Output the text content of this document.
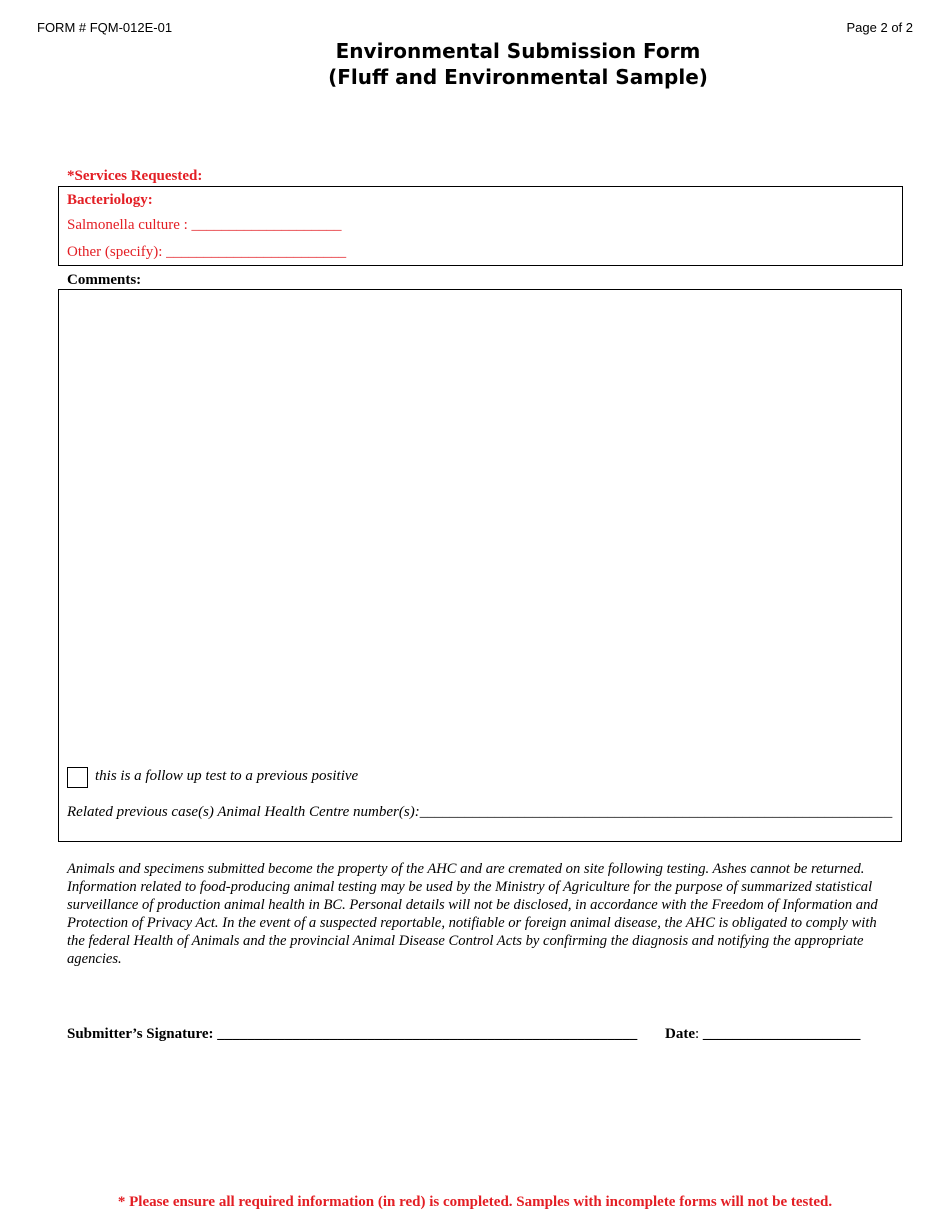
FORM # FQM-012E-01	Page 2 of 2
Environmental Submission Form
(Fluff and Environmental Sample)
*Services Requested:
Bacteriology:
Salmonella culture : ____________________
Other (specify): ________________________
Comments:
this is a follow up test to a previous positive
Related previous case(s) Animal Health Centre number(s):_______________________________________________________________
Animals and specimens submitted become the property of the AHC and are cremated on site following testing. Ashes cannot be returned. Information related to food-producing animal testing may be used by the Ministry of Agriculture for the purpose of summarized statistical surveillance of production animal health in BC. Personal details will not be disclosed, in accordance with the Freedom of Information and Protection of Privacy Act. In the event of a suspected reportable, notifiable or foreign animal disease, the AHC is obligated to comply with the federal Health of Animals and the provincial Animal Disease Control Acts by confirming the diagnosis and notifying the appropriate agencies.
Submitter’s Signature: ________________________________________________________ Date: _____________________
* Please ensure all required information (in red) is completed. Samples with incomplete forms will not be tested.
